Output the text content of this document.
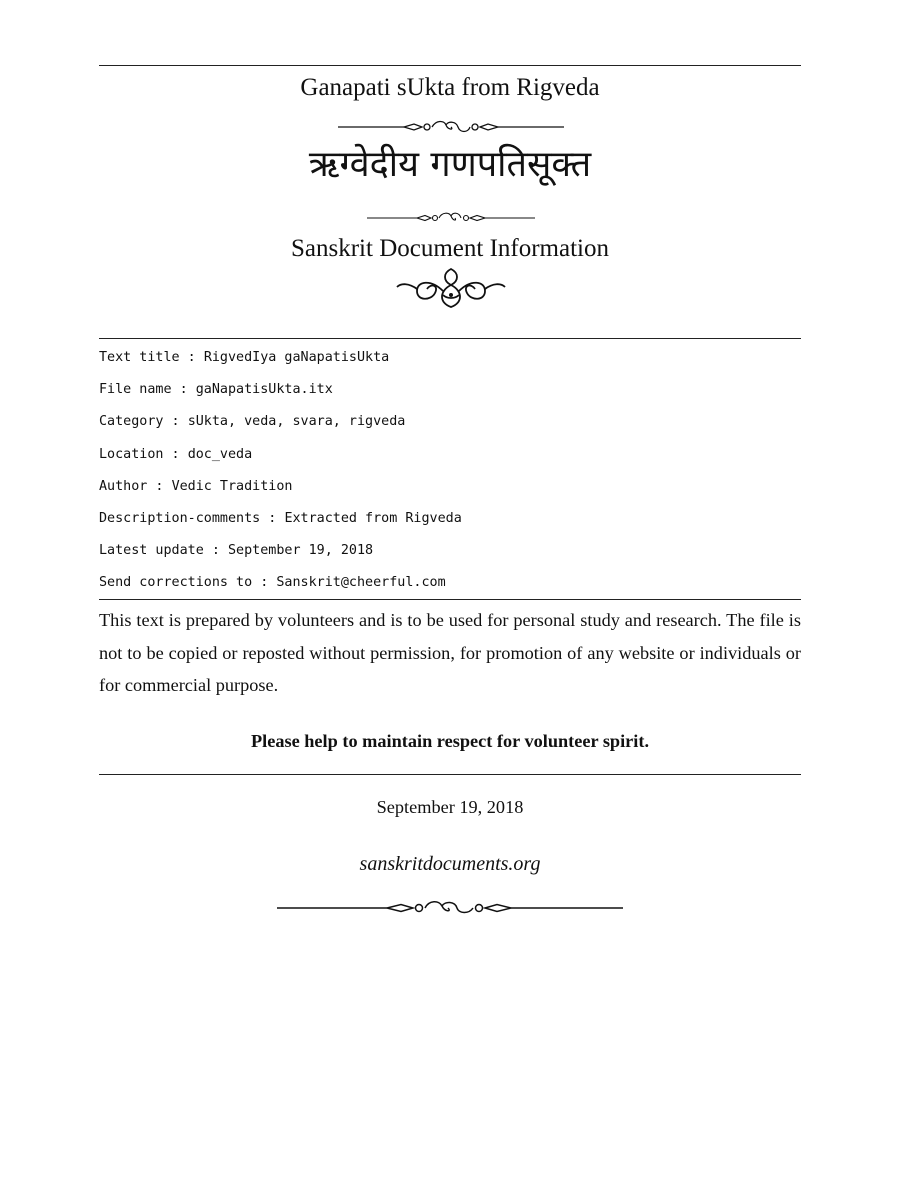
Ganapati sUkta from Rigveda
ऋग्वेदीय गणपतिसूक्त
Sanskrit Document Information
Text title : RigvedIya gaNapatisUkta
File name : gaNapatisUkta.itx
Category : sUkta, veda, svara, rigveda
Location : doc_veda
Author : Vedic Tradition
Description-comments : Extracted from Rigveda
Latest update : September 19, 2018
Send corrections to : Sanskrit@cheerful.com

This text is prepared by volunteers and is to be used for personal study and research. The file is not to be copied or reposted without permission, for promotion of any website or individuals or for commercial purpose.

Please help to maintain respect for volunteer spirit.
September 19, 2018
sanskritdocuments.org
